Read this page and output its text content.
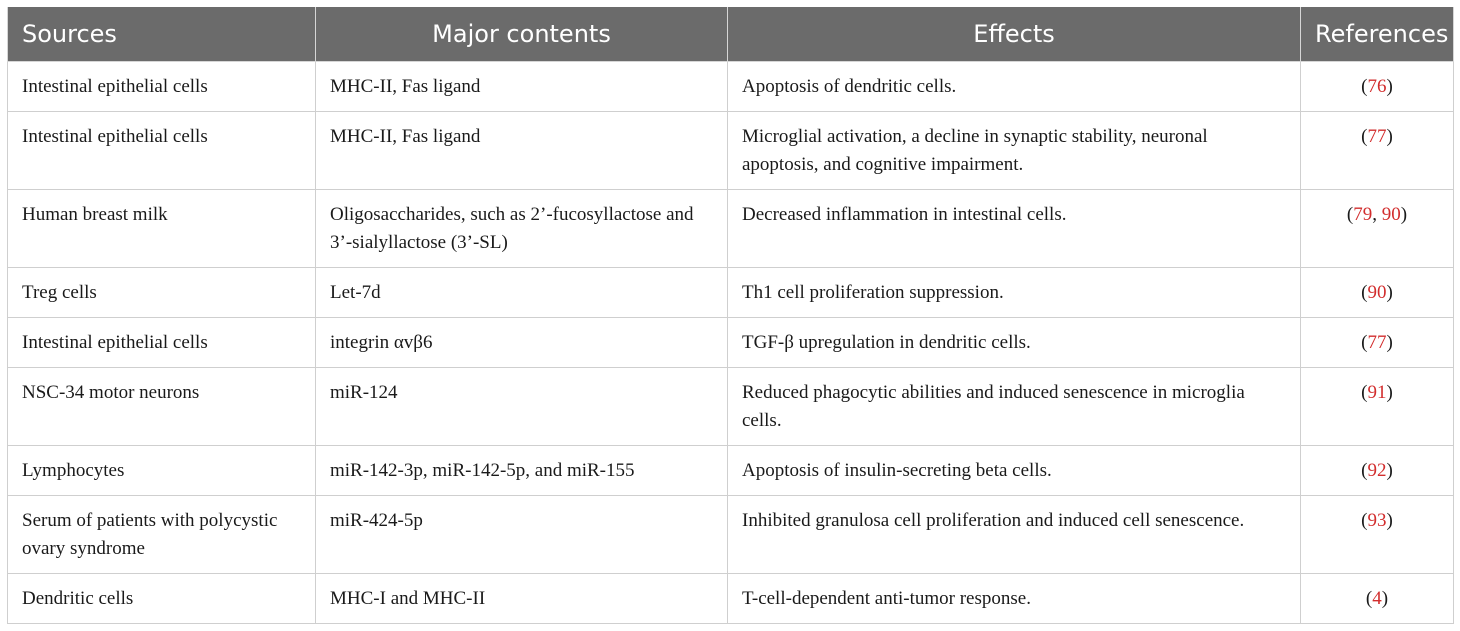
Sources	Major contents	Effects	References
Intestinal epithelial cells	MHC-II, Fas ligand	Apoptosis of dendritic cells.	(76)
Intestinal epithelial cells	MHC-II, Fas ligand	Microglial activation, a decline in synaptic stability, neuronal apoptosis, and cognitive impairment.	(77)
Human breast milk	Oligosaccharides, such as 2’-fucosyllactose and 3’-sialyllactose (3’-SL)	Decreased inflammation in intestinal cells.	(79, 90)
Treg cells	Let-7d	Th1 cell proliferation suppression.	(90)
Intestinal epithelial cells	integrin αvβ6	TGF-β upregulation in dendritic cells.	(77)
NSC-34 motor neurons	miR-124	Reduced phagocytic abilities and induced senescence in microglia cells.	(91)
Lymphocytes	miR-142-3p, miR-142-5p, and miR-155	Apoptosis of insulin-secreting beta cells.	(92)
Serum of patients with polycystic ovary syndrome	miR-424-5p	Inhibited granulosa cell proliferation and induced cell senescence.	(93)
Dendritic cells	MHC-I and MHC-II	T-cell-dependent anti-tumor response.	(4)
